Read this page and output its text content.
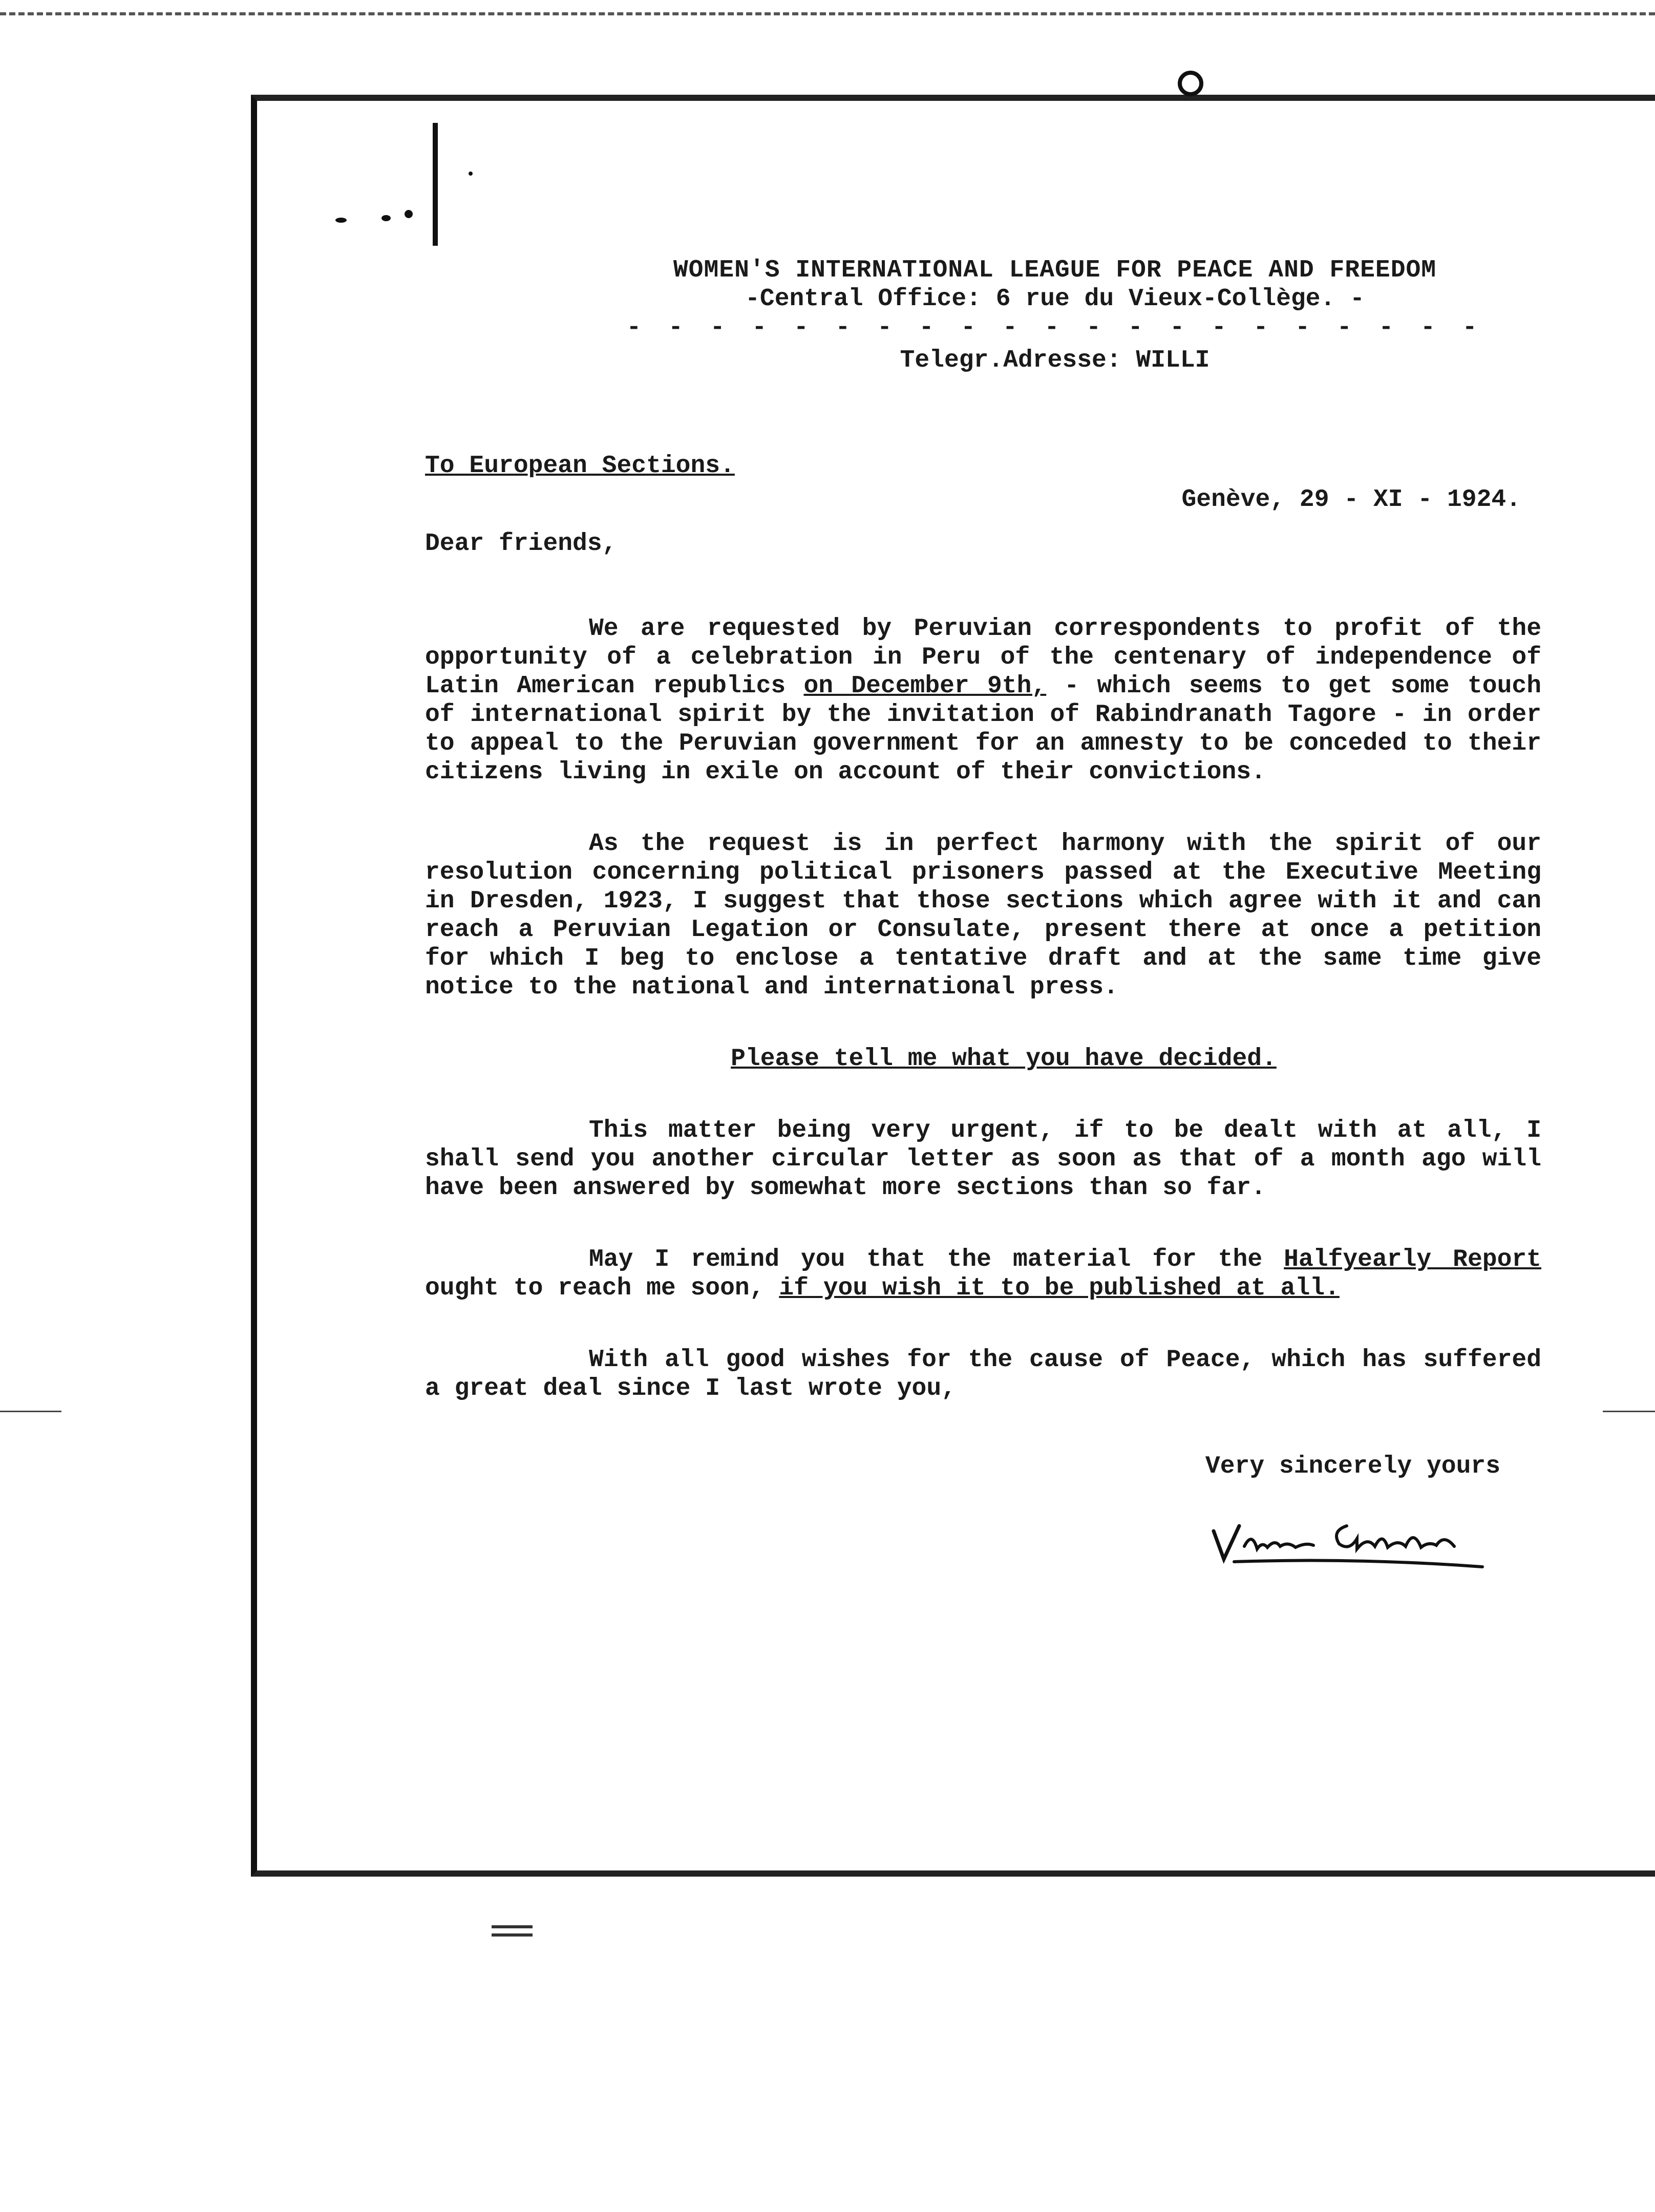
WOMEN'S INTERNATIONAL LEAGUE FOR PEACE AND FREEDOM
-Central Office: 6 rue du Vieux-Collège. -
- - - - - - - - - - - - - - - - - - - - -
Telegr.Adresse: WILLI
To European Sections.
Genève, 29 - XI - 1924.
Dear friends,
We are requested by Peruvian correspondents to profit of the opportunity of a celebration in Peru of the centenary of independence of Latin American republics on December 9th, - which seems to get some touch of international spirit by the invitation of Rabindranath Tagore - in order to appeal to the Peruvian government for an amnesty to be conceded to their citizens living in exile on account of their convictions.
As the request is in perfect harmony with the spirit of our resolution concerning political prisoners passed at the Executive Meeting in Dresden, 1923, I suggest that those sections which agree with it and can reach a Peruvian Legation or Consulate, present there at once a petition for which I beg to enclose a tentative draft and at the same time give notice to the national and international press.
Please tell me what you have decided.
This matter being very urgent, if to be dealt with at all, I shall send you another circular letter as soon as that of a month ago will have been answered by somewhat more sections than so far.
May I remind you that the material for the Halfyearly Report ought to reach me soon, if you wish it to be published at all.
With all good wishes for the cause of Peace, which has suffered a great deal since I last wrote you,
Very sincerely yours
